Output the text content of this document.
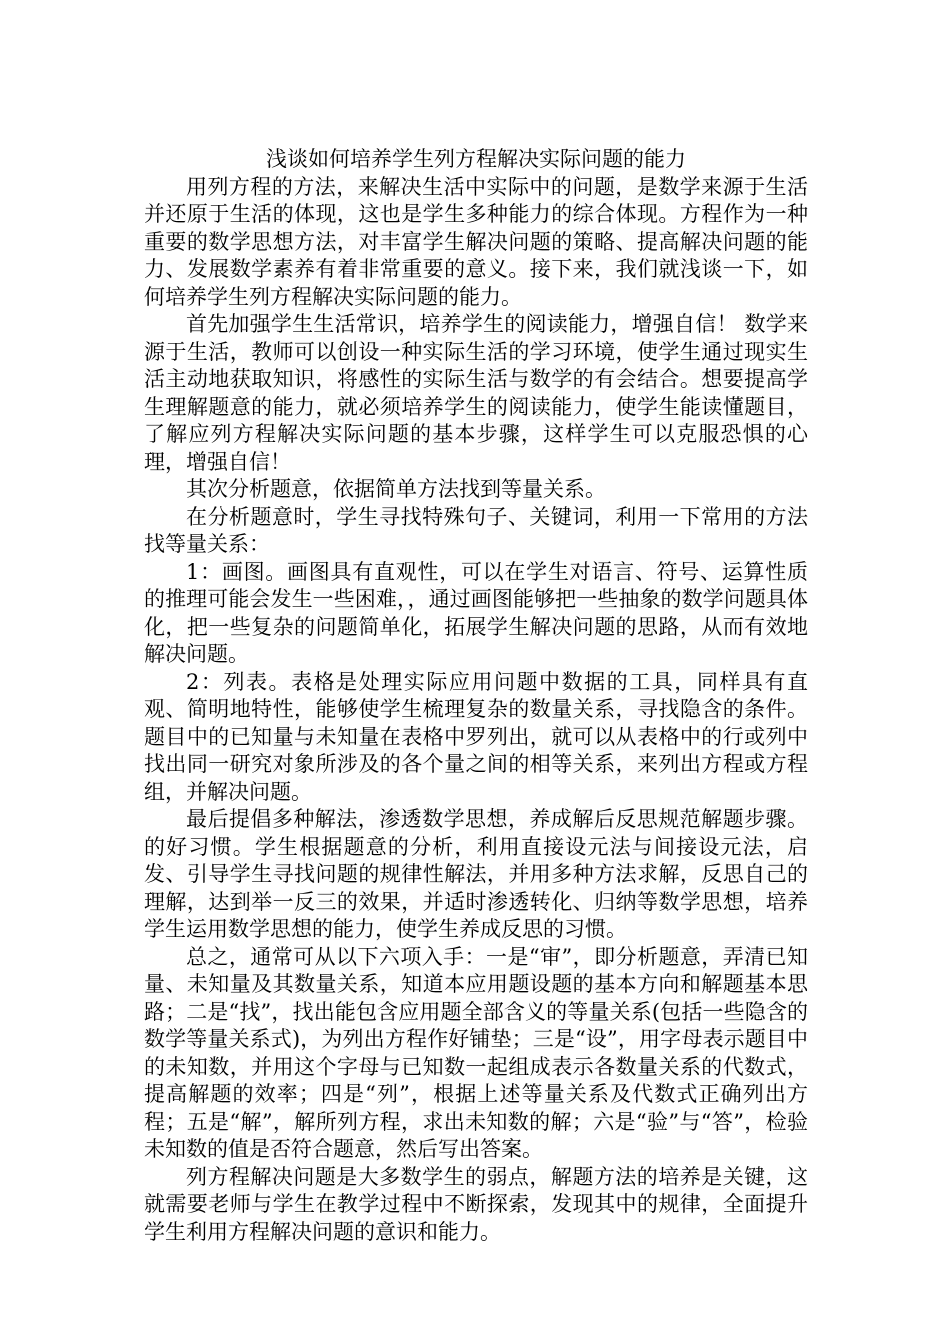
浅谈如何培养学生列方程解决实际问题的能力

用列方程的方法，来解决生活中实际中的问题，是数学来源于生活并还原于生活的体现，这也是学生多种能力的综合体现。方程作为一种重要的数学思想方法，对丰富学生解决问题的策略、提高解决问题的能力、发展数学素养有着非常重要的意义。接下来，我们就浅谈一下，如何培养学生列方程解决实际问题的能力。

首先加强学生生活常识，培养学生的阅读能力，增强自信！ 数学来源于生活，教师可以创设一种实际生活的学习环境，使学生通过现实生活主动地获取知识，将感性的实际生活与数学的有会结合。想要提高学生理解题意的能力，就必须培养学生的阅读能力，使学生能读懂题目，了解应列方程解决实际问题的基本步骤，这样学生可以克服恐惧的心理，增强自信！

其次分析题意，依据简单方法找到等量关系。

在分析题意时，学生寻找特殊句子、关键词，利用一下常用的方法找等量关系：

1：画图。画图具有直观性，可以在学生对语言、符号、运算性质的推理可能会发生一些困难，，通过画图能够把一些抽象的数学问题具体化，把一些复杂的问题简单化，拓展学生解决问题的思路，从而有效地解决问题。

2：列表。表格是处理实际应用问题中数据的工具，同样具有直观、简明地特性，能够使学生梳理复杂的数量关系，寻找隐含的条件。题目中的已知量与未知量在表格中罗列出，就可以从表格中的行或列中找出同一研究对象所涉及的各个量之间的相等关系，来列出方程或方程组，并解决问题。

最后提倡多种解法，渗透数学思想，养成解后反思规范解题步骤。的好习惯。学生根据题意的分析，利用直接设元法与间接设元法，启发、引导学生寻找问题的规律性解法，并用多种方法求解，反思自己的理解，达到举一反三的效果，并适时渗透转化、归纳等数学思想，培养学生运用数学思想的能力，使学生养成反思的习惯。

总之，通常可从以下六项入手：一是“审”，即分析题意，弄清已知量、未知量及其数量关系，知道本应用题设题的基本方向和解题基本思路；二是“找”，找出能包含应用题全部含义的等量关系(包括一些隐含的数学等量关系式)，为列出方程作好铺垫；三是“设”，用字母表示题目中的未知数，并用这个字母与已知数一起组成表示各数量关系的代数式，提高解题的效率；四是“列”，根据上述等量关系及代数式正确列出方程；五是“解”，解所列方程，求出未知数的解；六是“验”与“答”，检验未知数的值是否符合题意，然后写出答案。

列方程解决问题是大多数学生的弱点，解题方法的培养是关键，这就需要老师与学生在教学过程中不断探索，发现其中的规律，全面提升学生利用方程解决问题的意识和能力。
